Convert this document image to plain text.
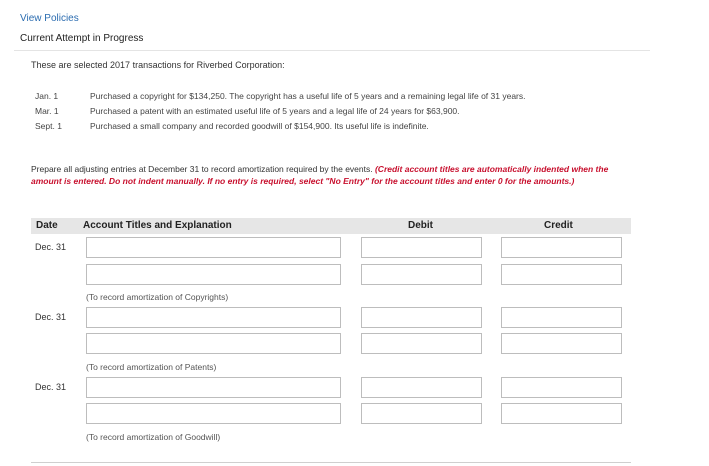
View Policies
Current Attempt in Progress
These are selected 2017 transactions for Riverbed Corporation:
Jan. 1	Purchased a copyright for $134,250. The copyright has a useful life of 5 years and a remaining legal life of 31 years.
Mar. 1	Purchased a patent with an estimated useful life of 5 years and a legal life of 24 years for $63,900.
Sept. 1	Purchased a small company and recorded goodwill of $154,900. Its useful life is indefinite.
Prepare all adjusting entries at December 31 to record amortization required by the events. (Credit account titles are automatically indented when the amount is entered. Do not indent manually. If no entry is required, select "No Entry" for the account titles and enter 0 for the amounts.)
Date	Account Titles and Explanation	Debit	Credit
Dec. 31
(To record amortization of Copyrights)
Dec. 31
(To record amortization of Patents)
Dec. 31
(To record amortization of Goodwill)
